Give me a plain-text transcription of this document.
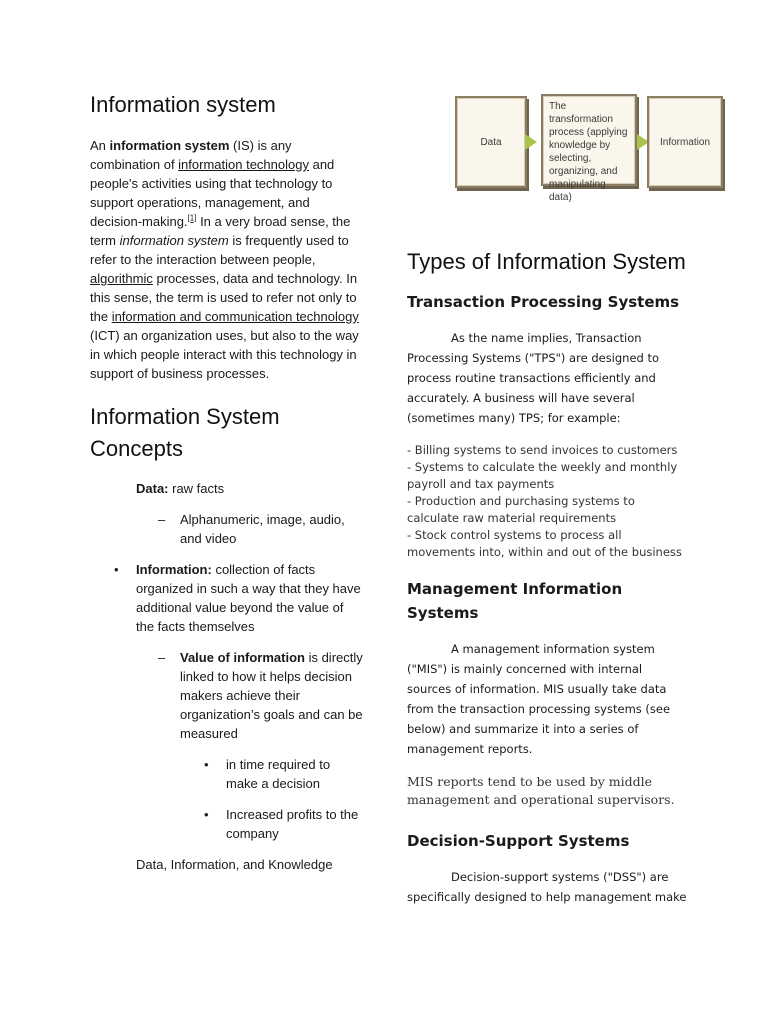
Information system

An information system (IS) is any combination of information technology and people's activities using that technology to support operations, management, and decision-making.[1] In a very broad sense, the term information system is frequently used to refer to the interaction between people, algorithmic processes, data and technology. In this sense, the term is used to refer not only to the information and communication technology (ICT) an organization uses, but also to the way in which people interact with this technology in support of business processes.

Information System Concepts
Data: raw facts
– Alphanumeric, image, audio, and video
• Information: collection of facts organized in such a way that they have additional value beyond the value of the facts themselves
– Value of information is directly linked to how it helps decision makers achieve their organization’s goals and can be measured
• in time required to make a decision
• Increased profits to the company
Data, Information, and Knowledge
Data
The transformation process (applying knowledge by selecting, organizing, and manipulating data)
Information
Types of Information System
Transaction Processing Systems

As the name implies, Transaction Processing Systems ("TPS") are designed to process routine transactions efficiently and accurately. A business will have several (sometimes many) TPS; for example:

- Billing systems to send invoices to customers
- Systems to calculate the weekly and monthly payroll and tax payments
- Production and purchasing systems to calculate raw material requirements
- Stock control systems to process all movements into, within and out of the business
Management Information Systems

A management information system ("MIS") is mainly concerned with internal sources of information. MIS usually take data from the transaction processing systems (see below) and summarize it into a series of management reports.

MIS reports tend to be used by middle management and operational supervisors.

Decision-Support Systems

Decision-support systems ("DSS") are specifically designed to help management make
